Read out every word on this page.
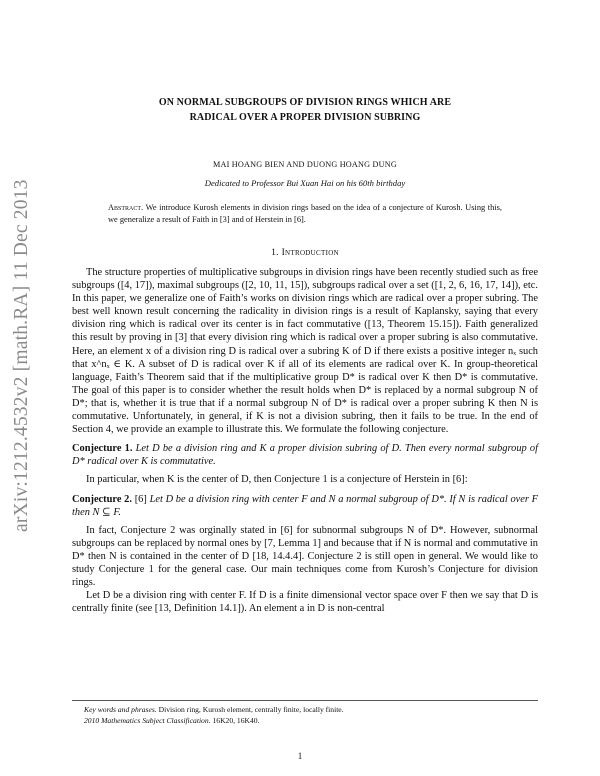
arXiv:1212.4532v2 [math.RA] 11 Dec 2013
ON NORMAL SUBGROUPS OF DIVISION RINGS WHICH ARE
RADICAL OVER A PROPER DIVISION SUBRING
MAI HOANG BIEN AND DUONG HOANG DUNG
Dedicated to Professor Bui Xuan Hai on his 60th birthday
Abstract. We introduce Kurosh elements in division rings based on the idea of a conjecture of Kurosh. Using this, we generalize a result of Faith in [3] and of Herstein in [6].
1. Introduction

The structure properties of multiplicative subgroups in division rings have been recently studied such as free subgroups ([4, 17]), maximal subgroups ([2, 10, 11, 15]), subgroups radical over a set ([1, 2, 6, 16, 17, 14]), etc. In this paper, we generalize one of Faith’s works on division rings which are radical over a proper subring. The best well known result concerning the radicality in division rings is a result of Kaplansky, saying that every division ring which is radical over its center is in fact commutative ([13, Theorem 15.15]). Faith generalized this result by proving in [3] that every division ring which is radical over a proper subring is also commutative. Here, an element x of a division ring D is radical over a subring K of D if there exists a positive integer nₓ such that x^nₓ ∈ K. A subset of D is radical over K if all of its elements are radical over K. In group-theoretical language, Faith’s Theorem said that if the multiplicative group D* is radical over K then D* is commutative. The goal of this paper is to consider whether the result holds when D* is replaced by a normal subgroup N of D*; that is, whether it is true that if a normal subgroup N of D* is radical over a proper subring K then N is commutative. Unfortunately, in general, if K is not a division subring, then it fails to be true. In the end of Section 4, we provide an example to illustrate this. We formulate the following conjecture.

Conjecture 1. Let D be a division ring and K a proper division subring of D. Then every normal subgroup of D* radical over K is commutative.

In particular, when K is the center of D, then Conjecture 1 is a conjecture of Herstein in [6]:

Conjecture 2. [6] Let D be a division ring with center F and N a normal subgroup of D*. If N is radical over F then N ⊆ F.

In fact, Conjecture 2 was orginally stated in [6] for subnormal subgroups N of D*. However, subnormal subgroups can be replaced by normal ones by [7, Lemma 1] and because that if N is normal and commutative in D* then N is contained in the center of D [18, 14.4.4]. Conjecture 2 is still open in general. We would like to study Conjecture 1 for the general case. Our main techniques come from Kurosh’s Conjecture for division rings.

Let D be a division ring with center F. If D is a finite dimensional vector space over F then we say that D is centrally finite (see [13, Definition 14.1]). An element a in D is non-central

Key words and phrases. Division ring, Kurosh element, centrally finite, locally finite.
2010 Mathematics Subject Classification. 16K20, 16K40.
1
